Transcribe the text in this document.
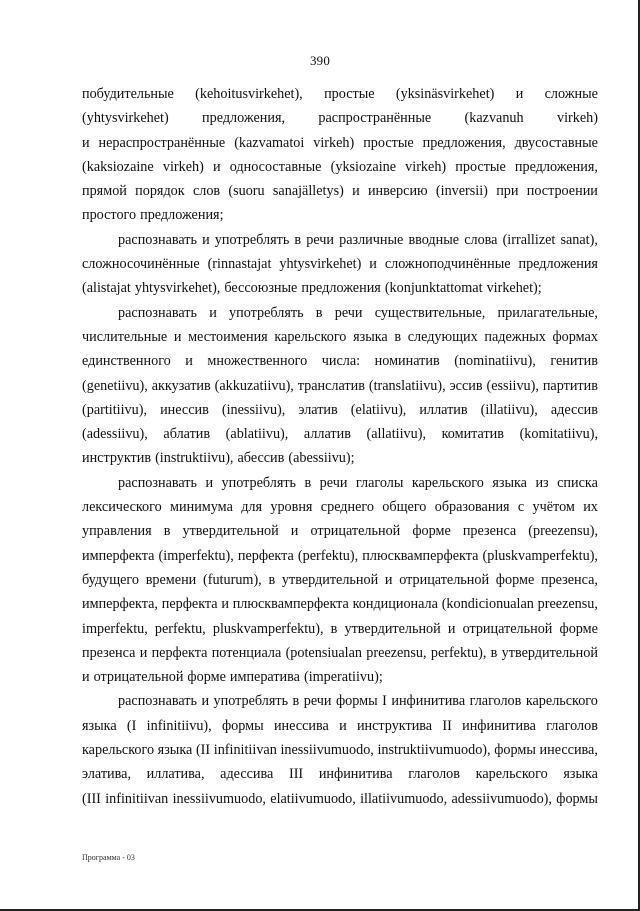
390
побудительные (kehoitusvirkehet), простые (yksinäsvirkehet) и сложные
(yhtysvirkehet) предложения, распространённые (kazvanuh virkeh)
и нераспространённые (kazvamatoi virkeh) простые предложения, двусоставные
(kaksiozaine virkeh) и односоставные (yksiozaine virkeh) простые предложения,
прямой порядок слов (suoru sanajälletys) и инверсию (inversii) при построении
простого предложения;
распознавать и употреблять в речи различные вводные слова (irrallizet sanat),
сложносочинённые (rinnastajat yhtysvirkehet) и сложноподчинённые предложения
(alistajat yhtysvirkehet), бессоюзные предложения (konjunktattomat virkehet);
распознавать и употреблять в речи существительные, прилагательные,
числительные и местоимения карельского языка в следующих падежных формах
единственного и множественного числа: номинатив (nominatiivu), генитив
(genetiivu), аккузатив (akkuzatiivu), транслатив (translatiivu), эссив (essiivu), партитив
(partitiivu), инессив (inessiivu), элатив (elatiivu), иллатив (illatiivu), адессив
(adessiivu), аблатив (ablatiivu), аллатив (allatiivu), комитатив (komitatiivu),
инструктив (instruktiivu), абессив (abessiivu);
распознавать и употреблять в речи глаголы карельского языка из списка
лексического минимума для уровня среднего общего образования с учётом их
управления в утвердительной и отрицательной форме презенса (preezensu),
имперфекта (imperfektu), перфекта (perfektu), плюсквамперфекта (pluskvamperfektu),
будущего времени (futurum), в утвердительной и отрицательной форме презенса,
имперфекта, перфекта и плюсквамперфекта кондиционала (kondicionualan preezensu,
imperfektu, perfektu, pluskvamperfektu), в утвердительной и отрицательной форме
презенса и перфекта потенциала (potensiualan preezensu, perfektu), в утвердительной
и отрицательной форме императива (imperatiivu);
распознавать и употреблять в речи формы I инфинитива глаголов карельского
языка (I infinitiivu), формы инессива и инструктива II инфинитива глаголов
карельского языка (II infinitiivan inessiivumuodo, instruktiivumuodo), формы инессива,
элатива, иллатива, адессива III инфинитива глаголов карельского языка
(III infinitiivan inessiivumuodo, elatiivumuodo, illatiivumuodo, adessiivumuodo), формы
Программа - 03
